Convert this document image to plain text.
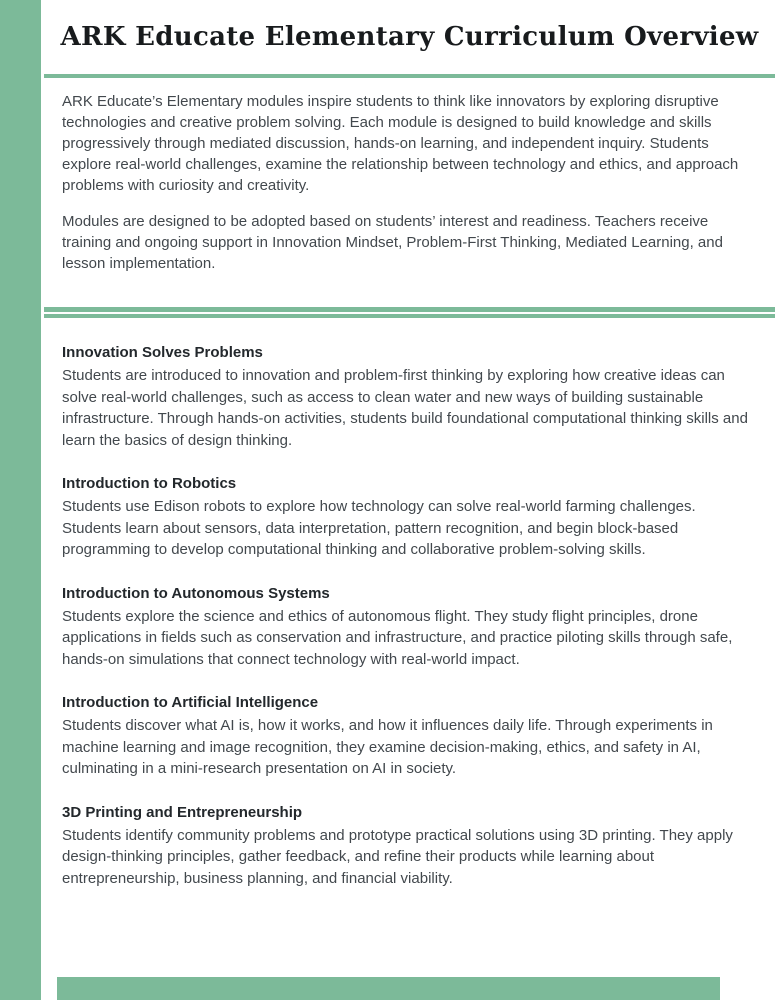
ARK Educate Elementary Curriculum Overview

ARK Educate’s Elementary modules inspire students to think like innovators by exploring disruptive technologies and creative problem solving. Each module is designed to build knowledge and skills progressively through mediated discussion, hands-on learning, and independent inquiry. Students explore real-world challenges, examine the relationship between technology and ethics, and approach problems with curiosity and creativity.

Modules are designed to be adopted based on students’ interest and readiness. Teachers receive training and ongoing support in Innovation Mindset, Problem-First Thinking, Mediated Learning, and lesson implementation.

Innovation Solves Problems

Students are introduced to innovation and problem-first thinking by exploring how creative ideas can solve real-world challenges, such as access to clean water and new ways of building sustainable infrastructure. Through hands-on activities, students build foundational computational thinking skills and learn the basics of design thinking.

Introduction to Robotics

Students use Edison robots to explore how technology can solve real-world farming challenges. Students learn about sensors, data interpretation, pattern recognition, and begin block-based programming to develop computational thinking and collaborative problem-solving skills.

Introduction to Autonomous Systems

Students explore the science and ethics of autonomous flight. They study flight principles, drone applications in fields such as conservation and infrastructure, and practice piloting skills through safe, hands-on simulations that connect technology with real-world impact.

Introduction to Artificial Intelligence

Students discover what AI is, how it works, and how it influences daily life. Through experiments in machine learning and image recognition, they examine decision-making, ethics, and safety in AI, culminating in a mini-research presentation on AI in society.

3D Printing and Entrepreneurship

Students identify community problems and prototype practical solutions using 3D printing. They apply design-thinking principles, gather feedback, and refine their products while learning about entrepreneurship, business planning, and financial viability.
